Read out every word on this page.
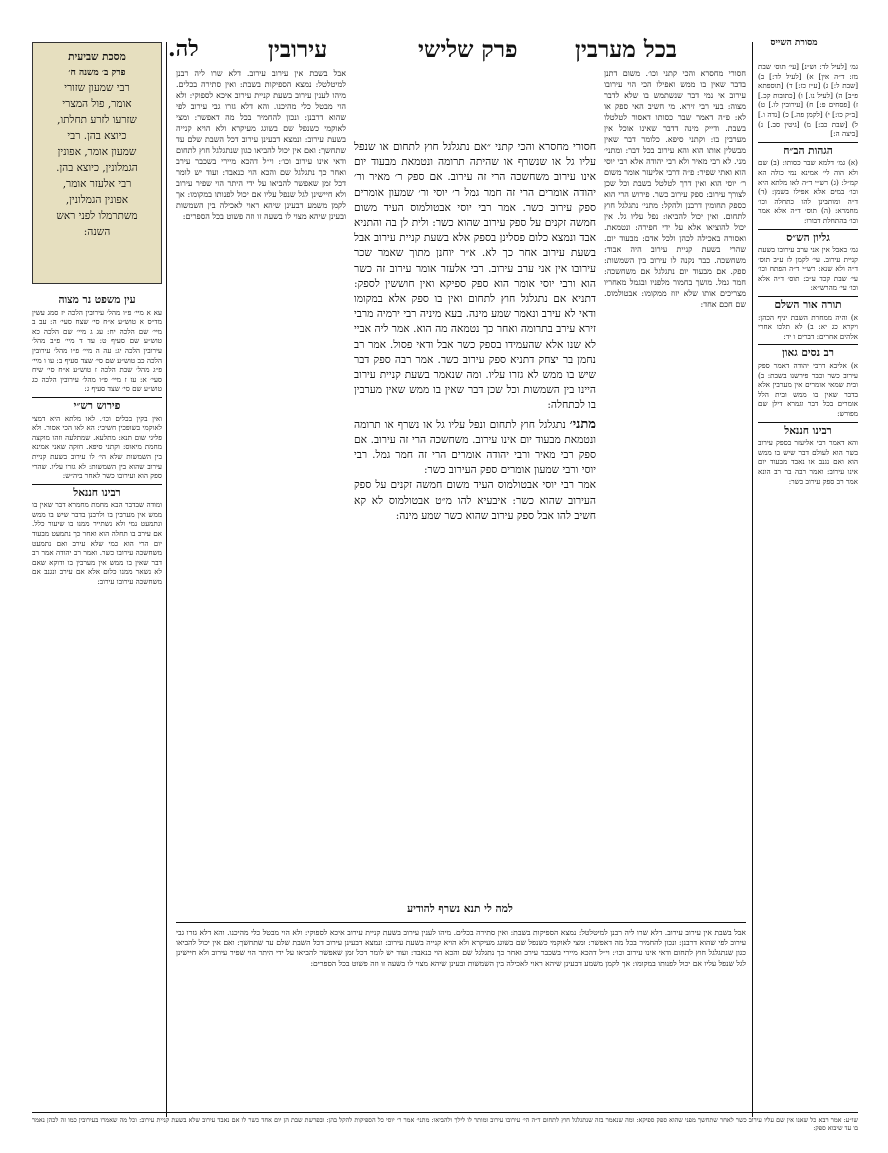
לה.	עירובין	פרק שלישי בכל מערבין	מסורת השייס
מסכת שביעית
פרק ב׳ משנה ח׳

רבי שמעון שזורי

אומר, פול המצרי

שזרעו לזרע תחלתו,

כיוצא בהן. רבי

שמעון אומר, אפונין

הגמלונין, כיוצא בהן.

רבי אלעזר אומר,

אפונין הגמלונין,

משתרמלו לפני ראש

השנה:

עין משפט נר מצוה

עא א מיי׳ פ״ו מהל׳ עירובין הלכה יז סמג עשין מד״ס א טוש״ע א״ח סי׳ שצח סעי׳ ה: עב ב מיי׳ שם הלכה יח: עג ג מיי׳ שם הלכה כא טוש״ע שם סעיף ט: עד ד מיי׳ פ״ב מהל׳ עירובין הלכה יג: עה ה מיי׳ פ״ו מהל׳ עירובין הלכה כב טוש״ע שם סי׳ שצד סעיף ב: עו ו מיי׳ פ״ג מהל׳ שבת הלכה ז טוש״ע א״ח סי׳ שיח סעי׳ א: עז ז מיי׳ פ״ו מהל׳ עירובין הלכה כג טוש״ע שם סי׳ שצד סעיף ג:

פירוש רש״י

ואין בקין בכלים וכו׳. לאו מלתא היא דמצי לאוקמי בשופכין חשיבי: הא לאו הכי אסור. ולא פליגי שום תנא: מתלעא. שמתלעה וזהו מוקצה מחמת מיאוס: וקתני סיפא. חזקה שאני אמינא בין השמשות שלא הי׳ לו עירוב בשעת קניית עירוב שהוא בין השמשות: לא גזרו עליו. שהרי ספק הוא ועירובו כשר לאחר ביה״ש:

רבינו חננאל

ומודה שבדבר הבא מחמת מחמרא דבר שאין בו ממש אין מערבין בו ולרבנן בדבר שיש בו ממש ונתמעט נמי ולא נשתייר ממנו בו שיעור כלל. אם עירב בו תחלה הוא ואחר כך נתמעט מבעוד יום הרי הוא כמי שלא עירב ואם נתמעט משחשכה עירובו כשר. ואמר רב יהודה אמר רב דבר שאין בו ממש אין מערבין בו ודוקא שאם לא נשאר ממנו כלום אלא אם עירב ונגנב אם משחשכה עירובו עירוב:

אבל בשבת אין עירוב עירוב. דלא שרו ליה רבנן למיטלטל: נמצא הספיקות בשבת: ואין סתירה בכלים. מיהו לענין עירוב בשעת קניית עירוב איכא לספוקי: ולא הוי מבטל כלי מהיכנו. והא דלא גזרו גבי עירוב לפי שהוא דרבנן: ונכון להחמיר בכל מה דאפשר: ומצי לאוקמי כשנפל שם בשוגג מעיקרא ולא הויא קנייה בשעת עירוב: ונמצא דבעינן עירוב דכל השבת שלם עד שתחשך: ואם אין יכול להביאו כגון שנתגלגל חוץ לתחום ודאי אינו עירוב וכו׳: וי״ל דהכא מיירי בשכבר עירב ואחר כך נתגלגל שם והכא הוי כנאבד: ועוד יש לומר דכל זמן שאפשר להביאו על ידי היתר הוי שפיר עירוב ולא חיישינן לגל שנפל עליו אם יכול לפנותו במקומו: אך לקמן משמע דבעינן שיהא ראוי לאכילה בין השמשות ובעינן שיהא מצוי לו בשעה זו וזה פשוט בכל הספרים:

חסורי מחסרא והכי קתני ״אם נתגלגל חוץ לתחום או שנפל עליו גל או שנשרף או שהיתה תרומה ונטמאת מבעוד יום אינו עירוב משחשכה הרי זה עירוב. אם ספק ר׳ מאיר ור׳ יהודה אומרים הרי זה חמר גמל ר׳ יוסי ור׳ שמעון אומרים ספק עירוב כשר. אמר רבי יוסי אבטולמוס העיד משום חמשה זקנים על ספק עירוב שהוא כשר: ולית לן בה והתניא אבד ונמצא כלום פסלינן בספק אלא בשעת קניית עירוב אבל בשעת עירוב אחר כך לא. א״ר יוחנן מתוך שאמר שכר עירובו אין אני ערב עירוב. רבי אלעזר אומר עירוב זה כשר הוא ורבי יוסי אומר הוא ספק ספיקא ואין חוששין לספק: דתניא אם נתגלגל חוץ לתחום ואין בו ספק אלא במקומו ודאי לא עירב ונאמר שמע מינה. בעא מיניה רבי ירמיה מרבי זירא עירב בתרומה ואחר כך נטמאה מה הוא. אמר ליה אביי לא שנו אלא שהעמידו בספק כשר אבל ודאי פסול. אמר רב נחמן בר יצחק דתניא ספק עירוב כשר. אמר רבה ספק דבר שיש בו ממש לא גזרו עליו. ומה שנאמר בשעת קניית עירוב היינו בין השמשות וכל שכן דבר שאין בו ממש שאין מערבין בו לכתחלה:

מתני׳ נתגלגל חוץ לתחום ונפל עליו גל או נשרף או תרומה ונטמאת מבעוד יום אינו עירוב. משחשכה הרי זה עירוב. אם ספק רבי מאיר ורבי יהודה אומרים הרי זה חמר גמל. רבי יוסי ורבי שמעון אומרים ספק העירוב כשר:

אמר רבי יוסי אבטולמוס העיד משום חמשה זקנים על ספק העירוב שהוא כשר: איבעיא להו מ״ט אבטולמוס לא קא חשיב להו אבל ספק עירוב שהוא כשר שמע מינה:

חסורי מחסרא והכי קתני וכו׳. משום דתנן בדבר שאין בו ממש ואפילו הכי הוי עירובו עירוב אי נמי דבר שנשתמש בו שלא לדבר מצוה: בעי רבי זירא. מי חשיב האי ספק או לא: פ״ה דאמר שבר כסותו דאסור לטלטלו בשבת. ודייק מינה דדבר שאינו אוכל אין מערבין בו: וקתני סיפא. כלומר דבר שאין מבשלין אותו הוא והא עירוב בכל דבר: ומתני׳ מני. לא רבי מאיר ולא רבי יהודה אלא רבי יוסי הוא ואתי שפיר: פ״ה דרבי אליעזר אומר משום ר׳ יוסי הוא ואין דרך לטלטל בשבת וכל שכן לצורך עירוב: ספק עירוב כשר. פירוש הרי הוא כספק תחומין דרבנן ולהקל: מתני׳ נתגלגל חוץ לתחום. ואין יכול להביאו: נפל עליו גל. אין יכול להוציאו אלא על ידי חפירה: ונטמאת. ואסורה באכילה לכהן ולכל אדם: מבעוד יום. שהרי בשעת קניית עירוב היה אבוד: משחשכה. כבר נקנה לו עירוב בין השמשות: ספק. אם מבעוד יום נתגלגל אם משחשכה: חמר גמל. מושך בחמור מלפניו ובגמל מאחריו מצריכים אותו שלא יזוז ממקומו: אבטולמוס. שם חכם אחד:

למה לי תנא נשרף להודיע

אבל בשבת אין עירוב עירוב. דלא שרו ליה רבנן למיטלטל: נמצא הספיקות בשבת: ואין סתירה בכלים. מיהו לענין עירוב בשעת קניית עירוב איכא לספוקי: ולא הוי מבטל כלי מהיכנו. והא דלא גזרו גבי עירוב לפי שהוא דרבנן: ונכון להחמיר בכל מה דאפשר: ומצי לאוקמי כשנפל שם בשוגג מעיקרא ולא הויא קנייה בשעת עירוב: ונמצא דבעינן עירוב דכל השבת שלם עד שתחשך: ואם אין יכול להביאו כגון שנתגלגל חוץ לתחום ודאי אינו עירוב וכו׳: וי״ל דהכא מיירי בשכבר עירב ואחר כך נתגלגל שם והכא הוי כנאבד: ועוד יש לומר דכל זמן שאפשר להביאו על ידי היתר הוי שפיר עירוב ולא חיישינן לגל שנפל עליו אם יכול לפנותו במקומו: אך לקמן משמע דבעינן שיהא ראוי לאכילה בין השמשות ובעינן שיהא מצוי לו בשעה זו וזה פשוט בכל הספרים:

גמ׳ [לעיל לד: וש״נ] [עי׳ תוס׳ שבת מז: ד״ה אין] א) [לעיל לד:] ב) [שבת ל:] ג) [ע״ז כז:] ד) [תוספתא פ״ב] ה) [לעיל נו.] ו) [כתובות קכ.] ז) [פסחים פ:] ח) [עירובין לו.] ט) [ב״ק כו:] י) [לקמן פה.] כ) [נדה ו.] ל) [שבת כב:] מ) [גיטין סב.] נ) [ביצה ה:]

הגהות הב״ח

(א) גמ׳ דלמא שבר כסותו: (ב) שם ולא הוה לי׳ אמינא נמי כולה הא קמ״ל: (ג) רש״י ד״ה לאו מלתא היא וכו׳ במים אלא אפילו בשמן: (ד) ד״ה ומותבינן להו כתחלה וכו׳ מחמרא: (ה) תוס׳ ד״ה אלא אמר וכו׳ בהתחלת דבורו:

גליון הש״ס

גמ׳ באבל אין אני ערב עירובו בשעת קניית עירוב. עי׳ לקמן לז ע״ב תוס׳ ד״ה ולא שנא: רש״י ד״ה הפתח וכו׳ עי׳ שבת קכד ע״ב: תוס׳ ד״ה אלא וכו׳ עי׳ מהרש״א:

תורה אור השלם

א) והיה ממחרת השבת יניף הכהן: ויקרא כג יא: ב) לא תלכו אחרי אלהים אחרים: דברים ו יד:

רב נסים גאון

א) אליבא דרבי יהודה דאמר ספק עירוב כשר וכבר פירשנו בשבת: ב) ובית שמאי אומרים אין מערבין אלא בדבר שאין בו ממש ובית הלל אומרים בכל דבר וגמרא דילן שם מפורש:

רבינו חננאל

והא דאמר רבי אליעזר בספק עירוב בשר הוא לעולם דבר שיש בו ממש הוא ואם נגנב או נאבד מבעוד יום אינו עירוב: ואמר רבה בר רב הונא אמר רב ספק עירוב כשר:

שו״ע: אמר רבא כל שאנו אין שם עליו עירוב כשר לאחר שתחשך מפני שהוא ספק ספיקא: ומה שנאמר בזה שנתגלגל חוץ לתחום ד״ה הי׳ עירובו עירוב ומותר לו לילך ולהביאו: מתני׳ אמר ר׳ יוסי כל הספיקות להקל בהן: ובפרשת שבת הן יום אחד כשר לו אם נאבד עירוב שלא בשעת קניית עירוב: וכל מה שאמרו בעירובין כמו זה לכהן נאמר בו עד שיבוא ספק:
